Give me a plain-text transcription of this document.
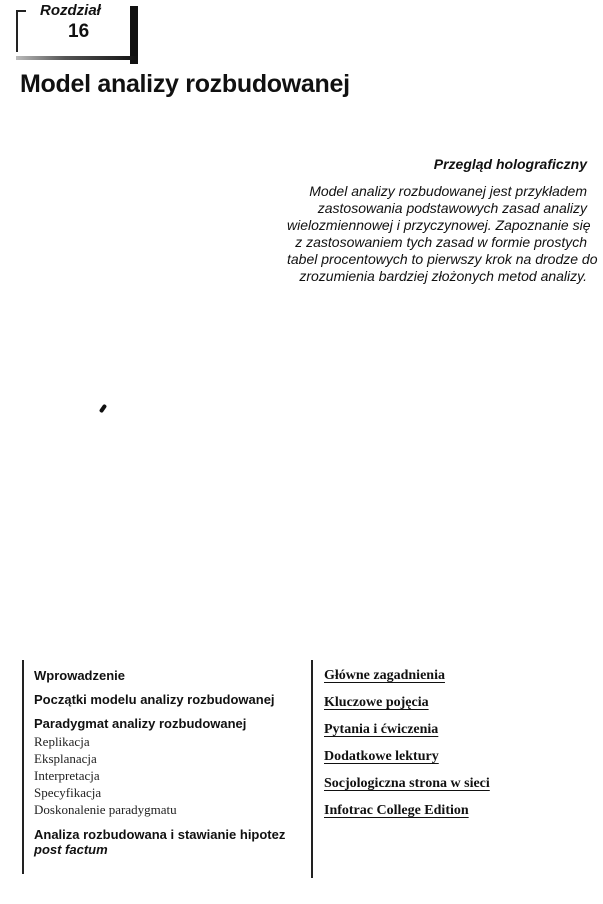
Rozdział
16
Model analizy rozbudowanej
Przegląd holograficzny
Model analizy rozbudowanej jest przykładem
zastosowania podstawowych zasad analizy
wielozmiennowej i przyczynowej. Zapoznanie się
z zastosowaniem tych zasad w formie prostych
tabel procentowych to pierwszy krok na drodze do
zrozumienia bardziej złożonych metod analizy.
Wprowadzenie
Początki modelu analizy rozbudowanej
Paradygmat analizy rozbudowanej
Replikacja
Eksplanacja
Interpretacja
Specyfikacja
Doskonalenie paradygmatu
Analiza rozbudowana i stawianie hipotez
post factum
Główne zagadnienia
Kluczowe pojęcia
Pytania i ćwiczenia
Dodatkowe lektury
Socjologiczna strona w sieci
Infotrac College Edition
